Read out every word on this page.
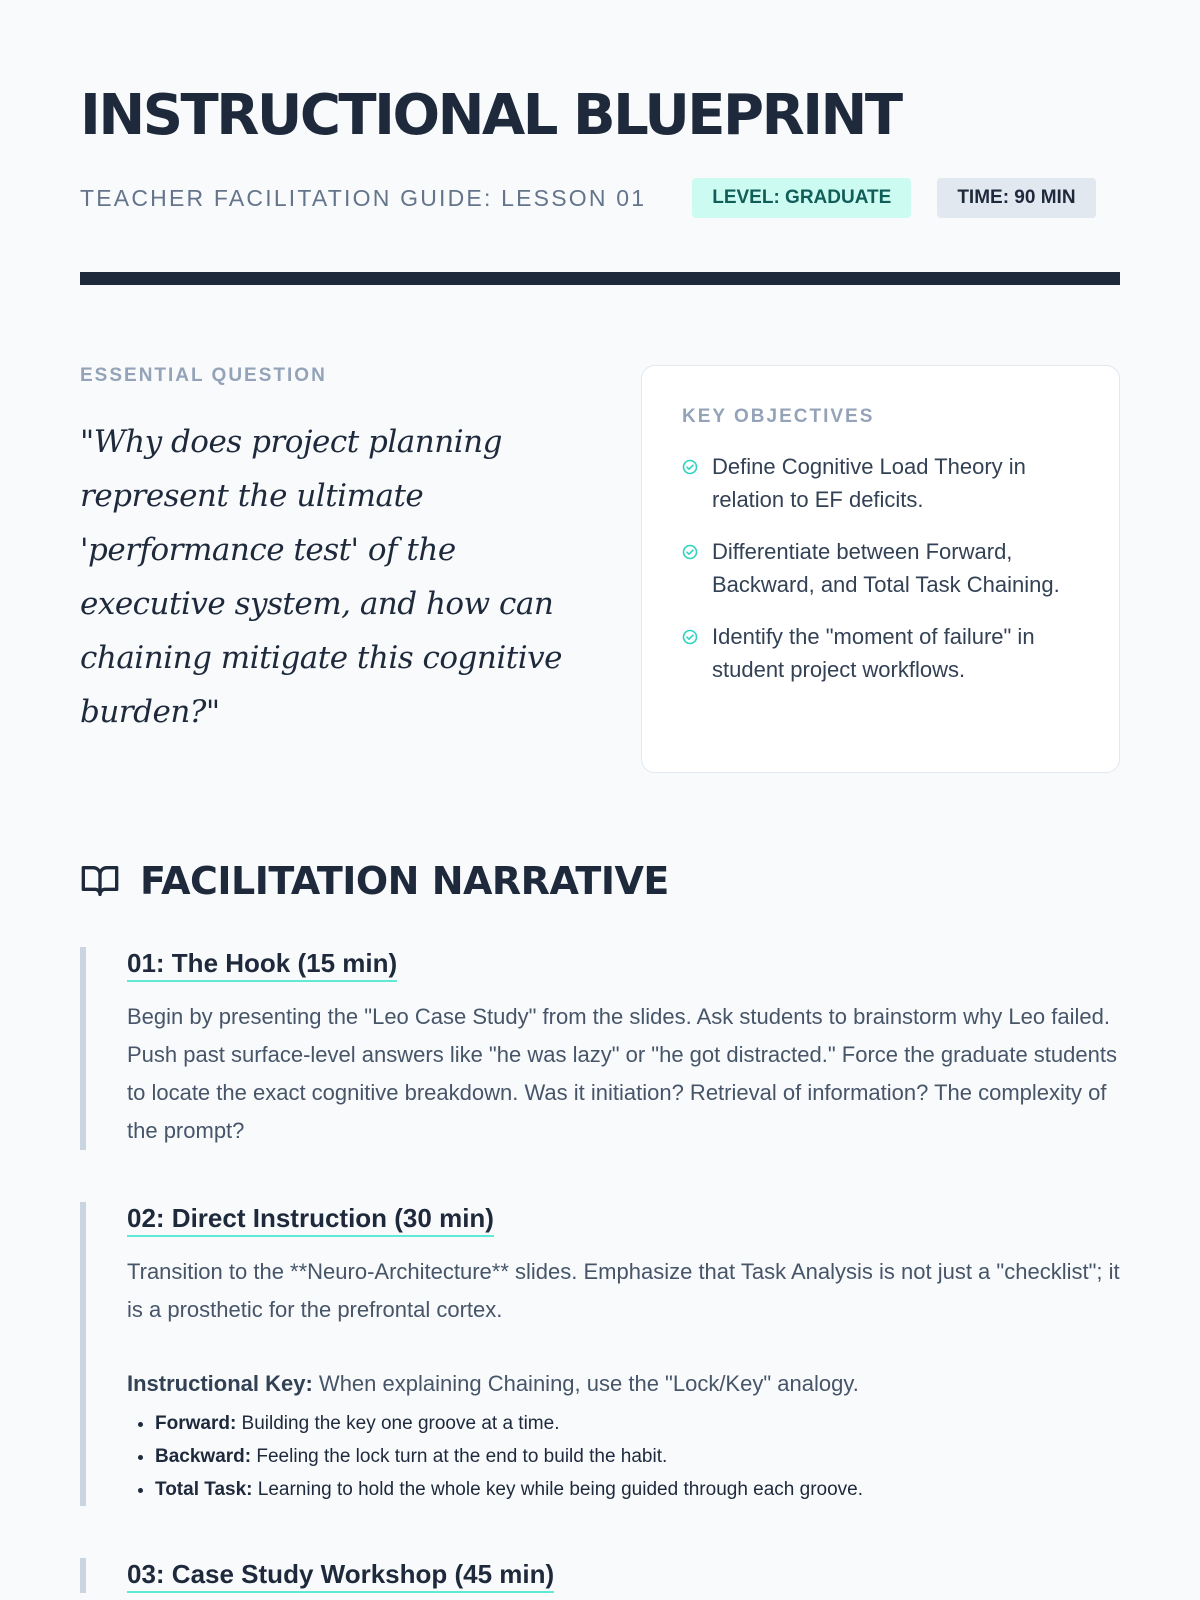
INSTRUCTIONAL BLUEPRINT
TEACHER FACILITATION GUIDE: LESSON 01	LEVEL: GRADUATE	TIME: 90 MIN
ESSENTIAL QUESTION

"Why does project planning represent the ultimate 'performance test' of the executive system, and how can chaining mitigate this cognitive burden?"

KEY OBJECTIVES
Define Cognitive Load Theory in relation to EF deficits.
Differentiate between Forward, Backward, and Total Task Chaining.
Identify the "moment of failure" in student project workflows.
FACILITATION NARRATIVE
01: The Hook (15 min)

Begin by presenting the "Leo Case Study" from the slides. Ask students to brainstorm why Leo failed. Push past surface-level answers like "he was lazy" or "he got distracted." Force the graduate students to locate the exact cognitive breakdown. Was it initiation? Retrieval of information? The complexity of the prompt?

02: Direct Instruction (30 min)

Transition to the **Neuro-Architecture** slides. Emphasize that Task Analysis is not just a "checklist"; it is a prosthetic for the prefrontal cortex.

Instructional Key: When explaining Chaining, use the "Lock/Key" analogy.

• Forward: Building the key one groove at a time.
• Backward: Feeling the lock turn at the end to build the habit.
• Total Task: Learning to hold the whole key while being guided through each groove.
03: Case Study Workshop (45 min)
